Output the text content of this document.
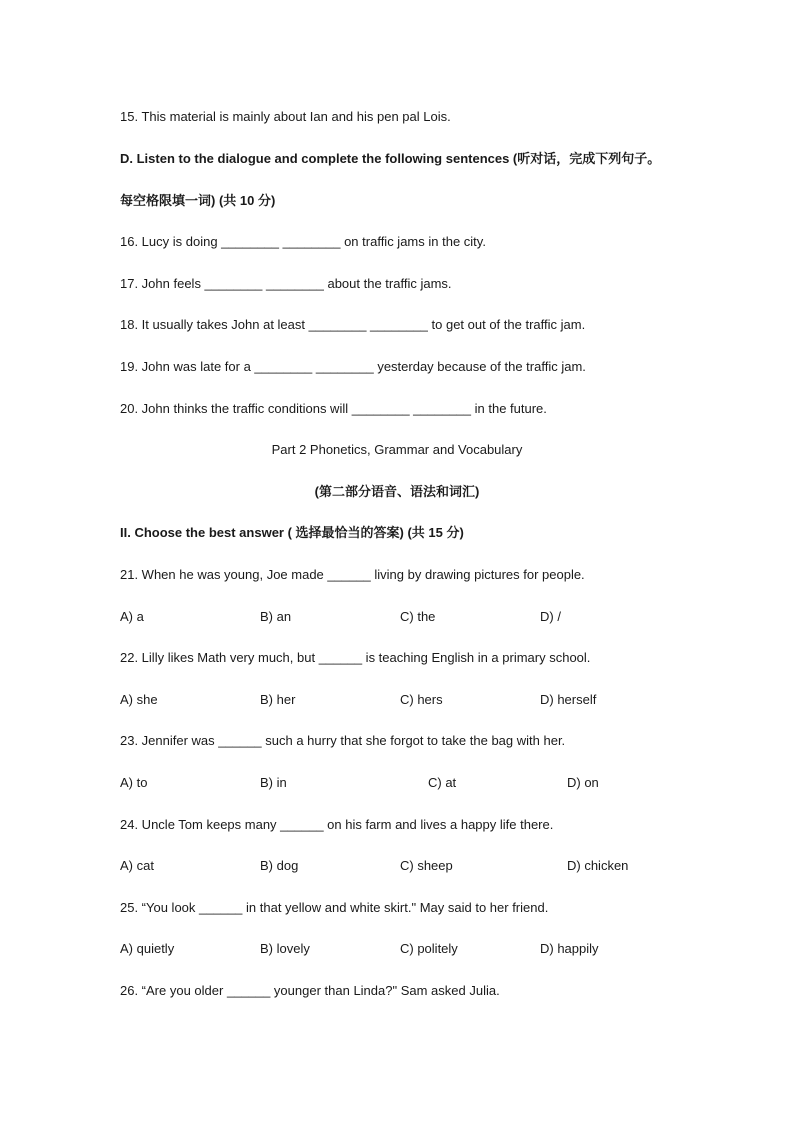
15. This material is mainly about Ian and his pen pal Lois.
D. Listen to the dialogue and complete the following sentences (听对话，完成下列句子。
每空格限填一词) (共 10 分)
16. Lucy is doing ________ ________ on traffic jams in the city.
17. John feels ________ ________ about the traffic jams.
18. It usually takes John at least ________ ________ to get out of the traffic jam.
19. John was late for a ________ ________ yesterday because of the traffic jam.
20. John thinks the traffic conditions will ________ ________ in the future.
Part 2 Phonetics, Grammar and Vocabulary
(第二部分语音、语法和词汇)
II. Choose the best answer ( 选择最恰当的答案) (共 15 分)
21. When he was young, Joe made ______ living by drawing pictures for people.
A) a	B) an	C) the	D) /
22. Lilly likes Math very much, but ______ is teaching English in a primary school.
A) she	B) her	C) hers	D) herself
23. Jennifer was ______ such a hurry that she forgot to take the bag with her.
A) to	B) in	C) at	D) on
24. Uncle Tom keeps many ______ on his farm and lives a happy life there.
A) cat	B) dog	C) sheep	D) chicken
25. “You look ______ in that yellow and white skirt." May said to her friend.
A) quietly	B) lovely	C) politely	D) happily
26. “Are you older ______ younger than Linda?" Sam asked Julia.
